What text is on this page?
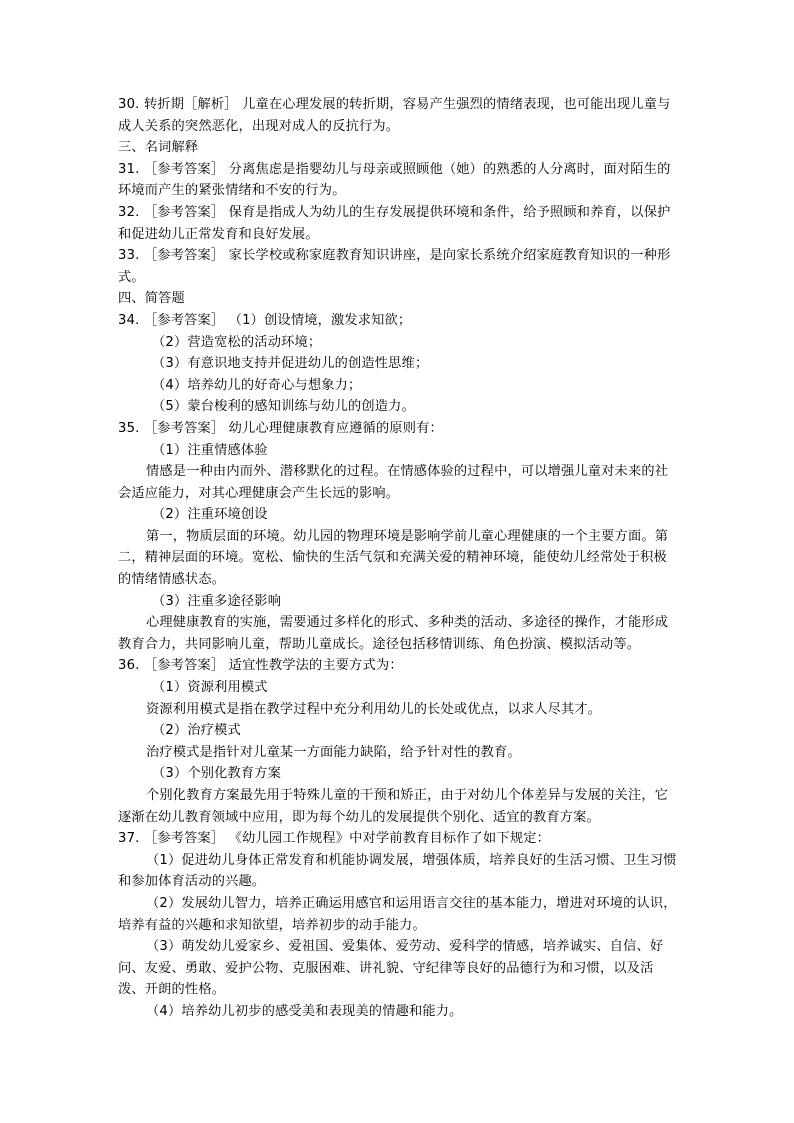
30. 转折期［解析］ 儿童在心理发展的转折期，容易产生强烈的情绪表现，也可能出现儿童与成人关系的突然恶化，出现对成人的反抗行为。

三、名词解释

31. ［参考答案］ 分离焦虑是指婴幼儿与母亲或照顾他（她）的熟悉的人分离时，面对陌生的环境而产生的紧张情绪和不安的行为。

32. ［参考答案］ 保育是指成人为幼儿的生存发展提供环境和条件，给予照顾和养育，以保护和促进幼儿正常发育和良好发展。

33. ［参考答案］ 家长学校或称家庭教育知识讲座，是向家长系统介绍家庭教育知识的一种形式。

四、简答题

34. ［参考答案］ （1）创设情境，激发求知欲；

（2）营造宽松的活动环境；

（3）有意识地支持并促进幼儿的创造性思维；

（4）培养幼儿的好奇心与想象力；

（5）蒙台梭利的感知训练与幼儿的创造力。

35. ［参考答案］ 幼儿心理健康教育应遵循的原则有：

（1）注重情感体验

情感是一种由内而外、潜移默化的过程。在情感体验的过程中，可以增强儿童对未来的社会适应能力，对其心理健康会产生长远的影响。

（2）注重环境创设

第一，物质层面的环境。幼儿园的物理环境是影响学前儿童心理健康的一个主要方面。第二，精神层面的环境。宽松、愉快的生活气氛和充满关爱的精神环境，能使幼儿经常处于积极的情绪情感状态。

（3）注重多途径影响

心理健康教育的实施，需要通过多样化的形式、多种类的活动、多途径的操作，才能形成教育合力，共同影响儿童，帮助儿童成长。途径包括移情训练、角色扮演、模拟活动等。

36. ［参考答案］ 适宜性教学法的主要方式为：

（1）资源利用模式

资源利用模式是指在教学过程中充分利用幼儿的长处或优点，以求人尽其才。

（2）治疗模式

治疗模式是指针对儿童某一方面能力缺陷，给予针对性的教育。

（3）个别化教育方案

个别化教育方案最先用于特殊儿童的干预和矫正，由于对幼儿个体差异与发展的关注，它逐渐在幼儿教育领域中应用，即为每个幼儿的发展提供个别化、适宜的教育方案。

37. ［参考答案］ 《幼儿园工作规程》中对学前教育目标作了如下规定：

（1）促进幼儿身体正常发育和机能协调发展，增强体质，培养良好的生活习惯、卫生习惯和参加体育活动的兴趣。

（2）发展幼儿智力，培养正确运用感官和运用语言交往的基本能力，增进对环境的认识，培养有益的兴趣和求知欲望，培养初步的动手能力。

（3）萌发幼儿爱家乡、爱祖国、爱集体、爱劳动、爱科学的情感，培养诚实、自信、好问、友爱、勇敢、爱护公物、克服困难、讲礼貌、守纪律等良好的品德行为和习惯，以及活泼、开朗的性格。

（4）培养幼儿初步的感受美和表现美的情趣和能力。
